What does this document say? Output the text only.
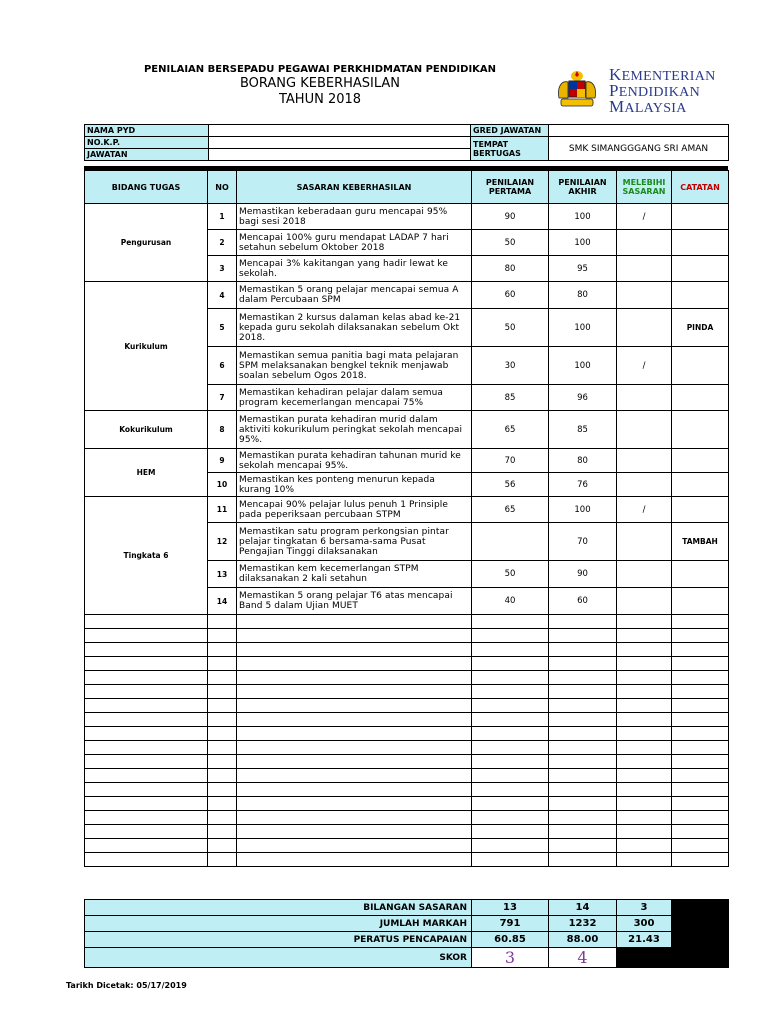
PENILAIAN BERSEPADU PEGAWAI PERKHIDMATAN PENDIDIKAN
BORANG KEBERHASILAN
TAHUN 2018
KEMENTERIAN
PENDIDIKAN
MALAYSIA
NAMA PYD		GRED JAWATAN	
NO.K.P.		TEMPAT
BERTUGAS	SMK SIMANGGGANG SRI AMAN
JAWATAN			
BIDANG TUGAS	NO	SASARAN KEBERHASILAN	PENILAIAN PERTAMA	PENILAIAN AKHIR	MELEBIHI SASARAN	CATATAN
Pengurusan	1	Memastikan keberadaan guru mencapai 95% bagi sesi 2018	90	100	/	
	2	Mencapai 100% guru mendapat LADAP 7 hari setahun sebelum Oktober 2018	50	100		
	3	Mencapai 3% kakitangan yang hadir lewat ke sekolah.	80	95		
Kurikulum	4	Memastikan 5 orang pelajar mencapai semua A dalam Percubaan SPM	60	80		
	5	Memastikan 2 kursus dalaman kelas abad ke-21 kepada guru sekolah dilaksanakan sebelum Okt 2018.	50	100		PINDA
	6	Memastikan semua panitia bagi mata pelajaran SPM melaksanakan bengkel teknik menjawab soalan sebelum Ogos 2018.	30	100	/	
	7	Memastikan kehadiran pelajar dalam semua program kecemerlangan mencapai 75%	85	96		
Kokurikulum	8	Memastikan purata kehadiran murid dalam aktiviti kokurikulum peringkat sekolah mencapai 95%.	65	85		
HEM	9	Memastikan purata kehadiran tahunan murid ke sekolah mencapai 95%.	70	80		
	10	Memastikan kes ponteng menurun kepada kurang 10%	56	76		
Tingkata 6	11	Mencapai 90% pelajar lulus penuh 1 Prinsiple pada peperiksaan percubaan STPM	65	100	/	
	12	Memastikan satu program perkongsian pintar pelajar tingkatan 6 bersama-sama Pusat Pengajian Tinggi dilaksanakan		70		TAMBAH
	13	Memastikan kem kecemerlangan STPM dilaksanakan 2 kali setahun	50	90		
	14	Memastikan 5 orang pelajar T6 atas mencapai Band 5 dalam Ujian MUET	40	60		

BILANGAN SASARAN	13	14	3	
JUMLAH MARKAH	791	1232	300	
PERATUS PENCAPAIAN	60.85	88.00	21.43	
SKOR	3	4		
Tarikh Dicetak: 05/17/2019
